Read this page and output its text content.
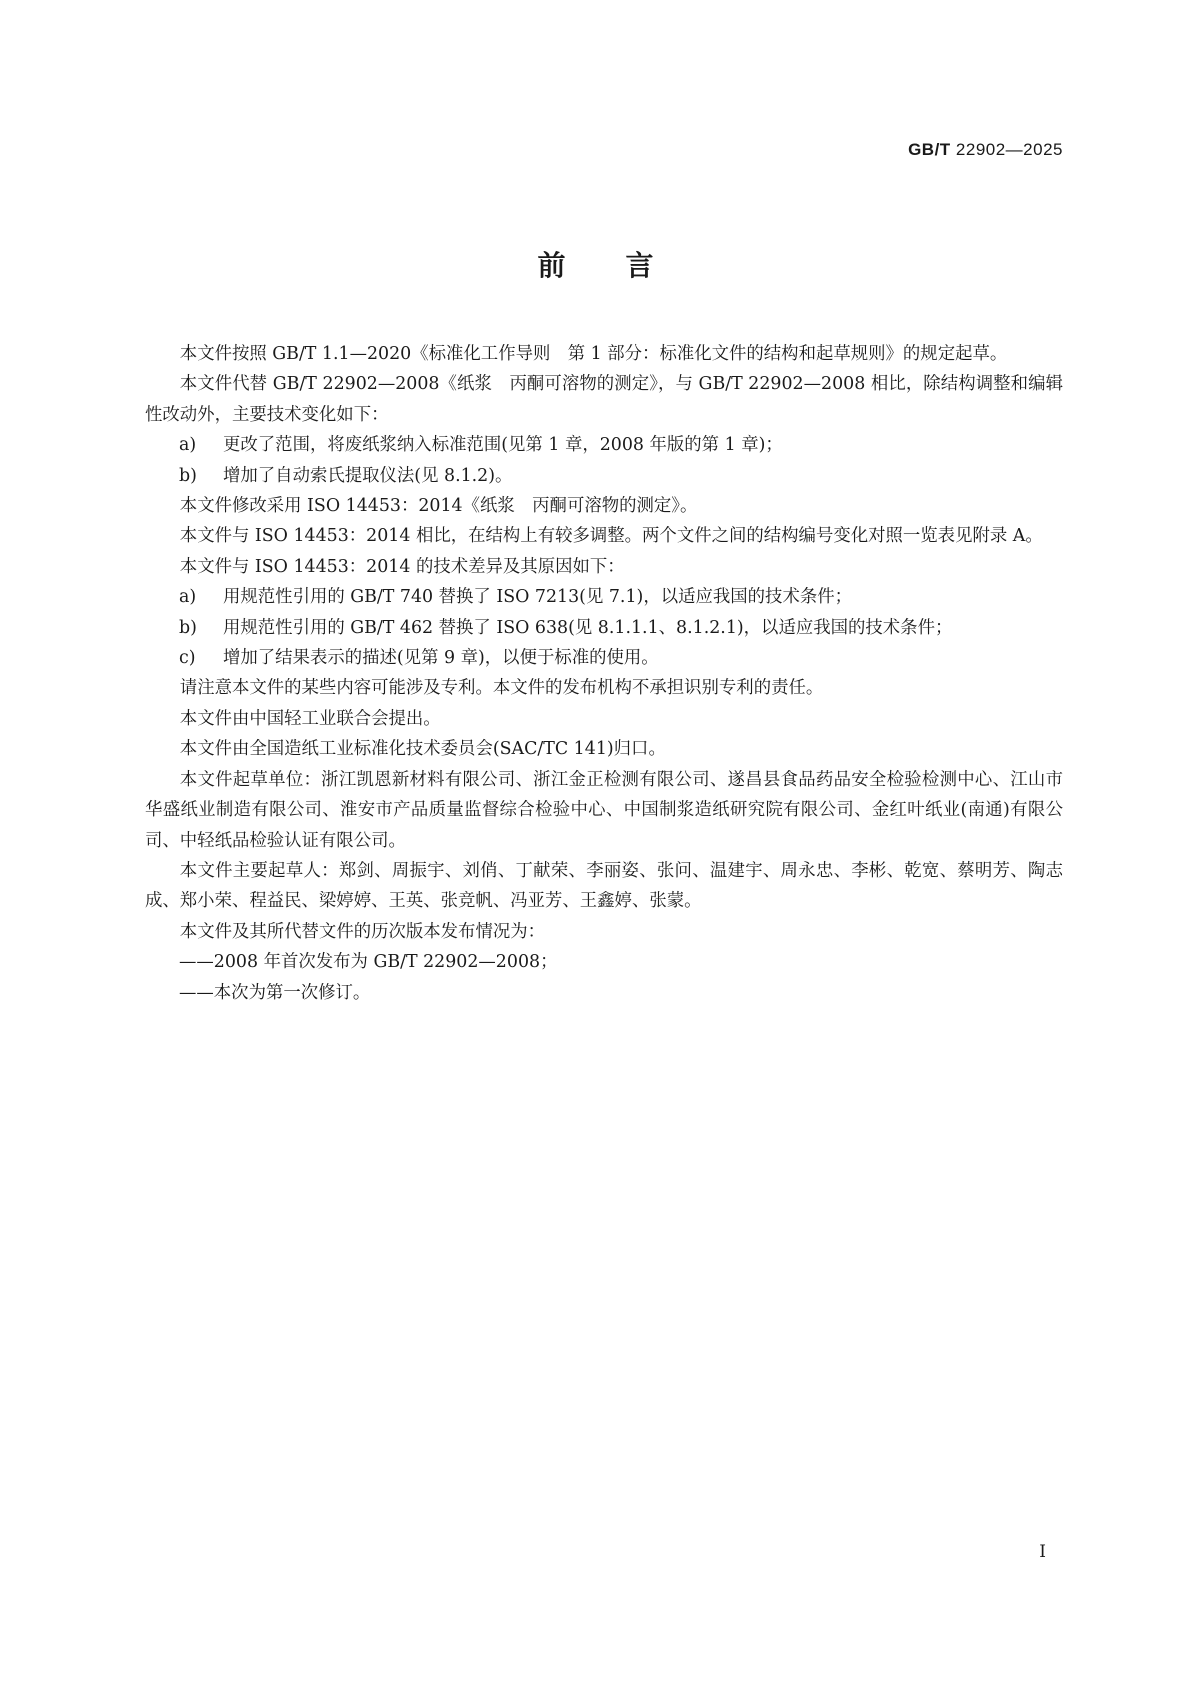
GB/T 22902—2025
前言

本文件按照 GB/T 1.1—2020《标准化工作导则　第 1 部分：标准化文件的结构和起草规则》的规定起草。

本文件代替 GB/T 22902—2008《纸浆　丙酮可溶物的测定》，与 GB/T 22902—2008 相比，除结构调整和编辑性改动外，主要技术变化如下：

a) 更改了范围，将废纸浆纳入标准范围(见第 1 章，2008 年版的第 1 章)；

b) 增加了自动索氏提取仪法(见 8.1.2)。

本文件修改采用 ISO 14453：2014《纸浆　丙酮可溶物的测定》。

本文件与 ISO 14453：2014 相比，在结构上有较多调整。两个文件之间的结构编号变化对照一览表见附录 A。

本文件与 ISO 14453：2014 的技术差异及其原因如下：

a) 用规范性引用的 GB/T 740 替换了 ISO 7213(见 7.1)，以适应我国的技术条件；

b) 用规范性引用的 GB/T 462 替换了 ISO 638(见 8.1.1.1、8.1.2.1)，以适应我国的技术条件；

c) 增加了结果表示的描述(见第 9 章)，以便于标准的使用。

请注意本文件的某些内容可能涉及专利。本文件的发布机构不承担识别专利的责任。

本文件由中国轻工业联合会提出。

本文件由全国造纸工业标准化技术委员会(SAC/TC 141)归口。

本文件起草单位：浙江凯恩新材料有限公司、浙江金正检测有限公司、遂昌县食品药品安全检验检测中心、江山市华盛纸业制造有限公司、淮安市产品质量监督综合检验中心、中国制浆造纸研究院有限公司、金红叶纸业(南通)有限公司、中轻纸品检验认证有限公司。

本文件主要起草人：郑剑、周振宇、刘俏、丁献荣、李丽姿、张问、温建宇、周永忠、李彬、乾宽、蔡明芳、陶志成、郑小荣、程益民、梁婷婷、王英、张竞帆、冯亚芳、王鑫婷、张蒙。

本文件及其所代替文件的历次版本发布情况为：

——2008 年首次发布为 GB/T 22902—2008；

——本次为第一次修订。

I
